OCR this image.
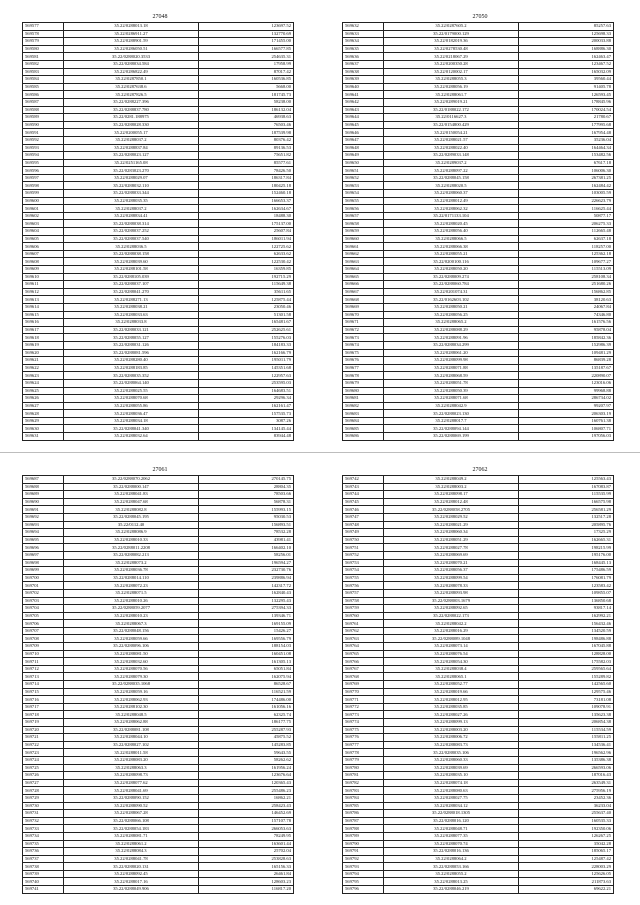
27048
569577	35.22/0288013.18	123697.52
569578	35.22/0286911.27	132770.69
569579	35.22/0288901.59	171455.00
569580	35.22/0286050.51	166577.85
569581	35.22/0288020.3533	254635.31
569582	35.22/0288034.584	17958.99
569583	35.22/0286822.49	87017.42
569584	35.22/0287850.1	160536.85
569585	35.22/0287638.6	5668.00
569586	35.22/0287826.5	181745.73
569587	35.22/0288227.396	58238.00
569588	35.22/0288837.780	186132.04
569589	35.22/0281.188975	46938.63
569590	35.22/0288028.330	76503.46
569591	35.22/0200055.17	187539.98
569592	35.22/0288037.2	80376.42
569593	35.22/0288837.84	89136.53
569594	35.22/0288023.127	75651.82
569595	35.22/0251165.08	85577.61
569596	35.22/0283023.270	78426.50
569597	35.22/0288029.07	186317.84
569598	35.22/0288032.110	180425.18
569599	35.22/0288033.344	152460.18
569600	35.22/0288035.35	166653.37
569601	35.22/0288037.2	162634.67
569602	35.22/0288834.41	18488.30
569603	35.22/0288038.314	175137.00
569604	35.22/0288037.252	25607.84
569605	35.22/0288037.540	186011.94
569606	35.22/0288036.5	122725.62
569607	35.22/0288038.158	62633.62
569608	35.22/0288039.60	122530.42
569609	35.22/0288101.58	16359.85
569610	35.22/0288105.039	192715.29
569611	35.22/0288037.107	115649.38
569612	35.22/0288041.270	35611.65
569613	35.22/0288271.13	125875.44
569614	35.22/0288038.21	23050.46
569615	35.22/0288033.63	51301.58
569616	35.22/0288033.8	165481.67
569617	35.22/0288033.121	252625.61
569618	35.22/0288055.127	155276.03
569619	35.22/0288031.126	184183.33
569620	35.22/0288081.596	162166.79
569621	35.22/0288280.40	195011.79
569622	35.22/0288183.85	145351.68
569623	35.22/0288035.352	122957.63
569624	35.22/0288064.140	253595.03
569625	35.22/0288025.55	164683.51
569626	35.22/0288070.68	29296.34
569627	35.22/0288055.86	162161.47
569628	35.22/0288036.47	157535.73
569629	35.22/0288034.18	3087.26
569630	35.22/0288041.340	134145.44
569631	35.22/0288032.64	83944.48
27050
569632	35.22/0287605.2	85257.63
569633	35.22/0179000.129	125698.33
569634	35.22/0182019.36	200033.88
569635	35.22/0278530.48	168886.30
569636	35.22/0218067.29	162463.47
569637	35.22/0200350.28	123467.52
569638	35.22/0120002.17	165032.09
569639	35.22/0288055.3	39560.44
569640	35.22/0288056.19	91405.78
569641	35.22/0288061.7	126593.45
569642	35.22/0289019.21	178845.96
569643	35.22/0188022.172	170024.54
569644	35.22/0116627.3	21780.67
569645	35.22/0154800.429	177995.68
569646	35.22/0150054.21	167954.48
569647	35.22/0288021.57	35236.04
569648	35.22/0288022.40	164464.34
569649	35.22/0289033.148	153482.56
569650	35.22/0289037.2	67617.18
569651	35.22/0288097.22	106006.30
569652	35.22/0288045.158	267381.25
569653	35.22/0288020.5	162484.42
569654	35.22/0288060.37	103005.59
569655	35.22/0288012.49	226623.79
569656	35.22/0288062.32	116625.44
569657	35.22/0171133.104	50877.17
569658	35.22/0288020.45	206275.33
569659	35.22/0288056.40	112665.48
569660	35.22/0288066.5	62637.18
569661	35.22/0288066.38	118257.00
569662	35.22/0288055.21	125362.18
569663	35.22/0200100.116	109677.27
569664	35.22/0288050.20	115513.09
569665	35.22/0288009.274	258108.34
569666	35.22/0288060.784	251680.26
569667	35.22/0201074.31	156862.85
569668	35.22/0162603.102	38120.63
569669	35.22/0288050.21	24067.84
569670	35.22/0288056.25	74346.80
569671	35.22/0288065.2	161576.56
569672	35.22/0288088.29	95878.04
569673	35.22/0288091.96	185842.36
569674	35.22/0288034.299	152986.39
569675	35.22/0288061.20	109481.29
569676	35.22/0288099.98	86839.28
569677	35.22/0288071.88	135187.67
569678	35.22/0288068.59	220890.07
569679	35.22/0288051.78	123016.06
569680	35.22/0288050.39	99968.88
569681	35.22/0288071.68	286734.02
569682	35.22/0288042.9	99207.97
569683	35.22/0288023.130	206303.19
569684	35.22/0288017.7	160761.38
569685	35.22/0288094.144	106807.71
569686	35.22/0288069.199	197056.03
27061
569687	35.22/0288070.2062	270145.75
569688	35.22/0288000.147	28804.35
569689	35.22/0288041.83	78503.66
569690	35.22/0288047.68	56878.31
569691	35.22/0288082.8	155993.15
569692	35.22/0288045.195	95030.53
569693	35.22/0112.40	156893.51
569694	35.22/0288086.9	78532.28
569695	35.22/0288010.33	43981.41
569696	35.22/0288011.2208	166402.10
569697	35.22/0288082.213	58256.01
569698	35.22/0288073.2	196594.27
569699	35.22/0288036.78	232730.76
569700	35.22/0288014.110	239886.94
569701	35.22/0288072.23	142317.72
569702	35.22/0288071.5	162840.43
569703	35.22/0288010.26	132295.43
569704	35.22/0288059.2077	275394.33
569705	35.22/0288010.23	139346.71
569706	35.22/0288067.3	169155.09
569707	35.22/0288048.156	15426.27
569708	35.22/0288059.66	169556.79
569709	35.22/0288096.106	188154.03
569710	35.22/0288081.50	160451.08
569711	35.22/0288032.60	161305.13
569712	35.22/0288070.56	65051.84
569713	35.22/0288079.30	162075.94
569714	35.22/0288035.1068	86528.67
569715	35.22/0288059.16	116521.59
569716	35.22/0288062.93	174486.00
569717	35.22/0288102.30	161056.16
569718	35.22/0288048.5	62325.74
569719	35.22/0288062.88	186177.75
569720	35.22/0288081.108	255287.93
569721	35.22/0288044.10	45875.52
569722	35.22/0288027.102	145283.85
569723	35.22/0288011.58	59643.55
569724	35.22/0288083.20	58262.62
569725	35.22/0288063.3	161956.24
569726	35.22/0288098.73	123676.64
569727	35.22/0288077.62	120365.43
569728	35.22/0288041.69	255486.23
569729	35.22/0288090.152	16862.21
569730	35.22/0288090.52	258423.43
569731	35.22/0288067.28	146452.69
569732	35.22/0288066.108	157107.78
569733	35.22/0288054.183	266053.63
569734	35.22/0288081.71	78249.95
569735	35.22/0288061.2	163601.44
569736	35.22/0288084.3	25702.04
569737	35.22/0288041.78	253828.63
569738	35.22/0288020.131	165156.33
569739	35.22/0288092.45	26461.84
569740	35.22/0288017.16	128603.23
569741	35.22/0288049.906	116817.20
27062
569742	35.22/0288049.2	125563.43
569743	35.22/0288003.2	167083.87
569744	35.22/0288098.17	115535.99
569745	35.22/0288012.48	166575.98
569746	35.22/0288058.2705	256581.29
569747	35.22/0288029.52	132517.28
569748	35.22/0288021.29	205895.76
569749	35.22/0288060.34	17325.29
569750	35.22/0288051.29	162665.31
569751	35.22/0288027.78	198215.99
569752	35.22/0288069.69	195176.00
569753	35.22/0288070.21	168445.13
569754	35.22/0288056.37	175486.59
569755	35.22/0288099.54	176081.79
569756	35.22/0288078.33	123583.42
569757	35.22/0288093.98	109855.07
569758	35.22/0288003.1679	136850.68
569759	35.22/0288092.65	93817.14
569760	35.22/0288022.173	162992.21
569761	35.22/0288042.2	156432.46
569762	35.22/0288016.29	134520.59
569763	35.22/0288089.1048	198486.88
569764	35.22/0288073.14	167045.88
569765	35.22/0288076.54	128828.00
569766	35.22/0288054.30	175582.03
569767	35.22/0288038.4	259565.64
569768	35.22/0288065.1	155289.82
569769	35.22/0288052.77	142565.60
569770	35.22/0288019.66	129575.46
569771	35.22/0288012.95	73181.08
569772	35.22/0288035.85	109078.91
569773	35.22/0288027.26	135623.38
569774	35.22/0288099.13	206854.38
569775	35.22/0288003.20	115534.59
569776	35.22/0288006.72	155811.25
569777	35.22/0288083.73	134536.41
569778	35.22/0288035.106	196562.96
569779	35.22/0288060.33	135386.38
569780	35.22/0288039.69	266593.06
569781	35.22/0288035.10	187016.43
569782	35.22/0288074.18	263549.31
569783	35.22/0288080.63	275956.19
569784	35.22/0288027.75	23452.36
569785	35.22/0288034.12	36233.04
569786	35.22/0288018.1305	255637.40
569787	35.22/0288016.120	160535.33
569788	35.22/0288048.71	192350.06
569789	35.22/0288077.35	126267.25
569790	35.22/0288070.74	35042.28
569791	35.22/0288016.136	185065.17
569792	35.22/0288064.2	125487.42
569793	35.22/0288053.166	228003.29
569794	35.22/0288055.2	125626.05
569795	35.22/0288013.25	211873.63
569796	35.22/0288046.219	69622.21
